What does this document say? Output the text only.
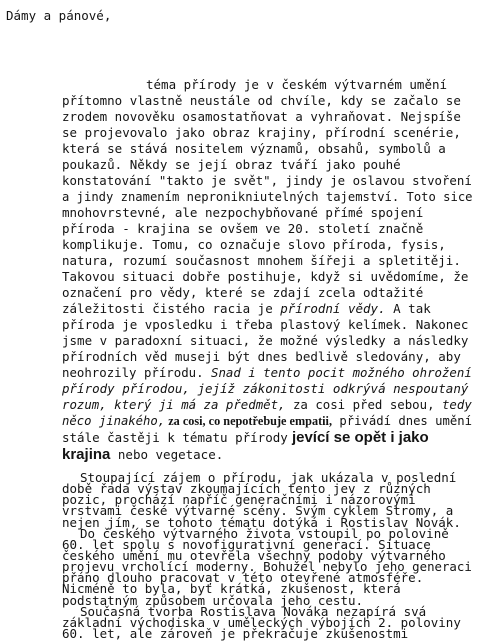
Dámy a pánové,
téma přírody je v českém výtvarném umění
přítomno vlastně neustále od chvíle, kdy se začalo se
zrodem novověku osamostatňovat a vyhraňovat. Nejspíše
se projevovalo jako obraz krajiny, přírodní scenérie,
která se stává nositelem významů, obsahů, symbolů a
poukazů. Někdy se její obraz tváří jako pouhé
konstatování "takto je svět", jindy je oslavou stvoření
a jindy znamením nepronikniutelných tajemství. Toto sice
mnohovrstevné, ale nezpochybňované přímé spojení
příroda - krajina se ovšem ve 20. století značně
komplikuje. Tomu, co označuje slovo příroda, fysis,
natura, rozumí současnost mnohem šířeji a spletitěji.
Takovou situaci dobře postihuje, když si uvědomíme, že
označení pro vědy, které se zdají zcela odtažité
záležitosti čistého racia je přírodní vědy. A tak
příroda je vposledku i třeba plastový kelímek. Nakonec
jsme v paradoxní situaci, že možné výsledky a následky
přírodních věd museji být dnes bedlivě sledovány, aby
neohrozily přírodu. Snad i tento pocit možného ohrožení
přírody přírodou, jejíž zákonitosti odkrývá nespoutaný
rozum, který ji má za předmět, za cosi před sebou, tedy
něco jinakého, za cosi, co nepotřebuje empatii, přivádí dnes umění
stále častěji k tématu přírody jevící se opět i jako
krajina nebo vegetace.
Stoupající zájem o přírodu, jak ukázala v poslední
době řada výstav zkoumajících tento jev z různých
pozic, prochází napříč generačními i názorovými
vrstvami české výtvarné scény. Svým cyklem Stromy, a
nejen jím, se tohoto tématu dotýká i Rostislav Novák.
Do českého výtvarného života vstoupil po polovině
60. let spolu s novofigurativní generací. Situace
českého umění mu otevřela všechny podoby výtvarného
projevu vrcholící moderny. Bohužel nebylo jeho generaci
přáno dlouho pracovat v této otevřené atmosféře.
Nicméně to byla, byť krátká, zkušenost, která
podstatným způsobem určovala jeho cestu.
Současná tvorba Rostislava Nováka nezapírá svá
základní východiska v uměleckých výbojích 2. poloviny
60. let, ale zároveň je překračuje zkušenostmi
